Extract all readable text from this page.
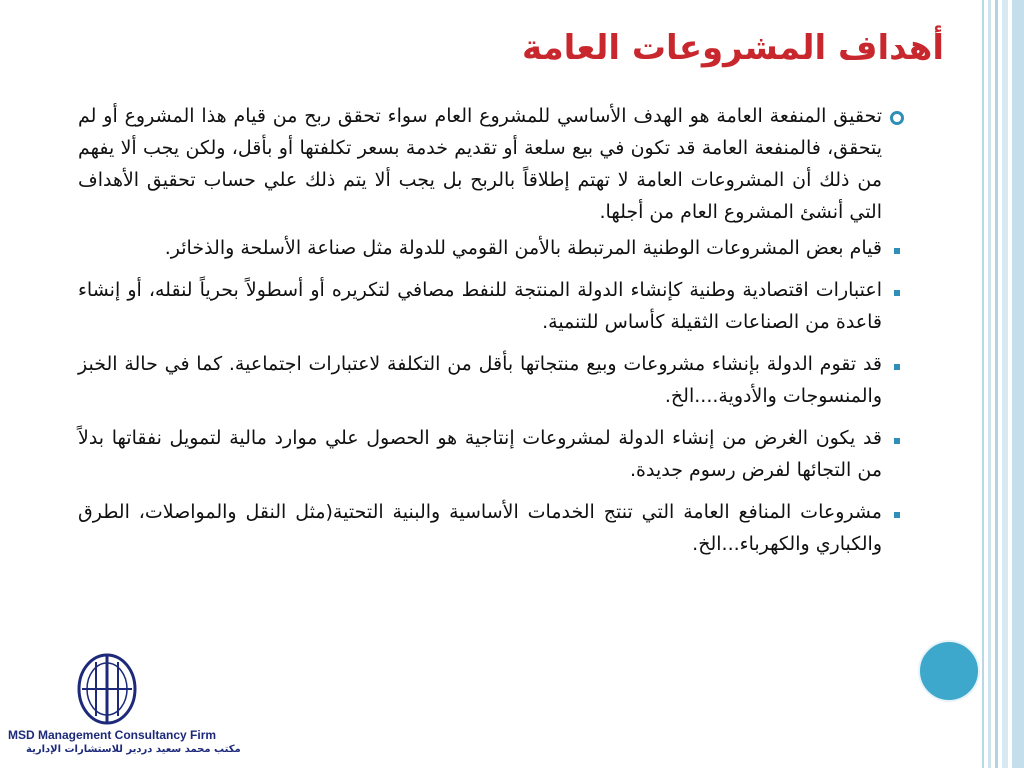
أهداف المشروعات العامة
تحقيق المنفعة العامة هو الهدف الأساسي للمشروع العام سواء تحقق ربح من قيام هذا المشروع أو لم يتحقق، فالمنفعة العامة قد تكون في بيع سلعة أو تقديم خدمة بسعر تكلفتها أو بأقل، ولكن يجب ألا يفهم من ذلك أن المشروعات العامة لا تهتم إطلاقاً بالربح بل يجب ألا يتم ذلك علي حساب تحقيق الأهداف التي أنشئ المشروع العام من أجلها.
قيام بعض المشروعات الوطنية المرتبطة بالأمن القومي للدولة مثل صناعة الأسلحة والذخائر.
اعتبارات اقتصادية وطنية كإنشاء الدولة المنتجة للنفط مصافي لتكريره أو أسطولاً بحرياً لنقله، أو إنشاء قاعدة من الصناعات الثقيلة كأساس للتنمية.
قد تقوم الدولة بإنشاء مشروعات وبيع منتجاتها بأقل من التكلفة لاعتبارات اجتماعية. كما في حالة الخبز والمنسوجات والأدوية....الخ.
قد يكون الغرض من إنشاء الدولة لمشروعات إنتاجية هو الحصول علي موارد مالية لتمويل نفقاتها بدلاً من التجائها لفرض رسوم جديدة.
مشروعات المنافع العامة التي تنتج الخدمات الأساسية والبنية التحتية(مثل النقل والمواصلات، الطرق والكباري والكهرباء...الخ.
MSD Management Consultancy Firm
مكتب محمد سعيد دردير للاستشارات الإدارية
